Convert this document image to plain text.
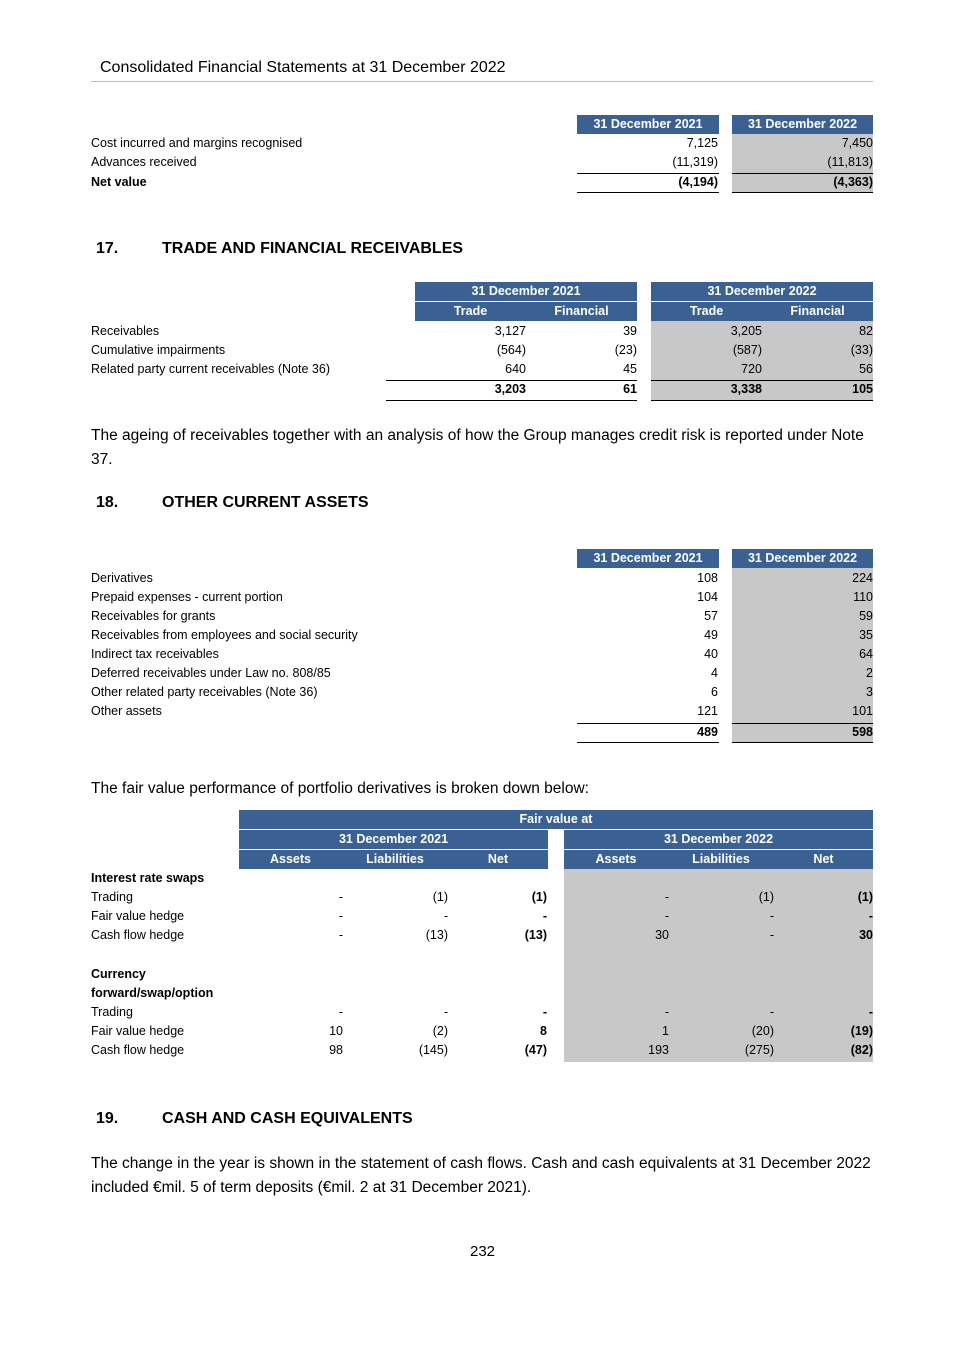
Consolidated Financial Statements at 31 December 2022
31 December 2021	31 December 2022
Cost incurred and margins recognised	7,125	7,450
Advances received	(11,319)	(11,813)
Net value	(4,194)	(4,363)
17.	TRADE AND FINANCIAL RECEIVABLES
31 December 2021	31 December 2022
Trade	Financial	Trade	Financial
Receivables	3,127	39	3,205	82
Cumulative impairments	(564)	(23)	(587)	(33)
Related party current receivables (Note 36)	640	45	720	56
3,203	61	3,338	105
The ageing of receivables together with an analysis of how the Group manages credit risk is reported under Note 37.
18.	OTHER CURRENT ASSETS
31 December 2021	31 December 2022
Derivatives	108	224
Prepaid expenses - current portion	104	110
Receivables for grants	57	59
Receivables from employees and social security	49	35
Indirect tax receivables	40	64
Deferred receivables under Law no. 808/85	4	2
Other related party receivables (Note 36)	6	3
Other assets	121	101
489	598
The fair value performance of portfolio derivatives is broken down below:
Fair value at
31 December 2021	31 December 2022
Assets	Liabilities	Net	Assets	Liabilities	Net
Interest rate swaps
Trading	-	(1)	(1)	-	(1)	(1)
Fair value hedge	-	-	-	-	-	-
Cash flow hedge	-	(13)	(13)	30	-	30
Currency
forward/swap/option
Trading	-	-	-	-	-	-
Fair value hedge	10	(2)	8	1	(20)	(19)
Cash flow hedge	98	(145)	(47)	193	(275)	(82)
19.	CASH AND CASH EQUIVALENTS
The change in the year is shown in the statement of cash flows. Cash and cash equivalents at 31 December 2022 included €mil. 5 of term deposits (€mil. 2 at 31 December 2021).
232
